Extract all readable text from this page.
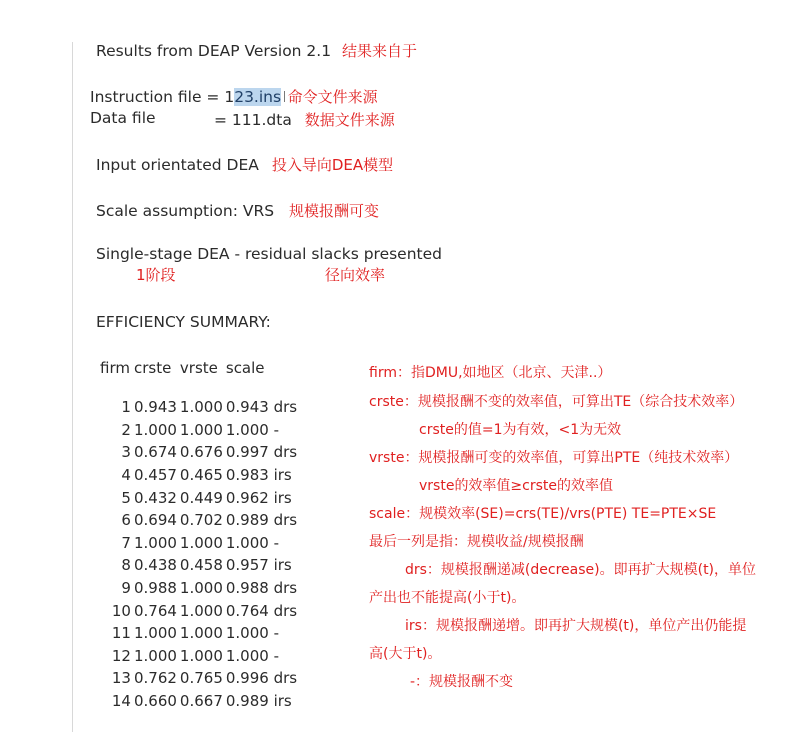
Results from DEAP Version 2.1 结果来自于
Instruction file = 123.insI命令文件来源
Data file	= 111.dta 数据文件来源
Input orientated DEA 投入导向DEA模型
Scale assumption: VRS 规模报酬可变
Single-stage DEA - residual slacks presented
1阶段	径向效率
EFFICIENCY SUMMARY:
firm	crste	vrste	scale

1	0.943	1.000	0.943 drs
2	1.000	1.000	1.000 -
3	0.674	0.676	0.997 drs
4	0.457	0.465	0.983 irs
5	0.432	0.449	0.962 irs
6	0.694	0.702	0.989 drs
7	1.000	1.000	1.000 -
8	0.438	0.458	0.957 irs
9	0.988	1.000	0.988 drs
10	0.764	1.000	0.764 drs
11	1.000	1.000	1.000 -
12	1.000	1.000	1.000 -
13	0.762	0.765	0.996 drs
14	0.660	0.667	0.989 irs
firm：指DMU,如地区（北京、天津..）
crste：规模报酬不变的效率值，可算出TE（综合技术效率）
crste的值=1为有效，<1为无效
vrste：规模报酬可变的效率值，可算出PTE（纯技术效率）
vrste的效率值≥crste的效率值
scale：规模效率(SE)=crs(TE)/vrs(PTE) TE=PTE×SE
最后一列是指：规模收益/规模报酬
drs：规模报酬递减(decrease)。即再扩大规模(t)，单位
产出也不能提高(小于t)。
irs：规模报酬递增。即再扩大规模(t)，单位产出仍能提
高(大于t)。
-：规模报酬不变
